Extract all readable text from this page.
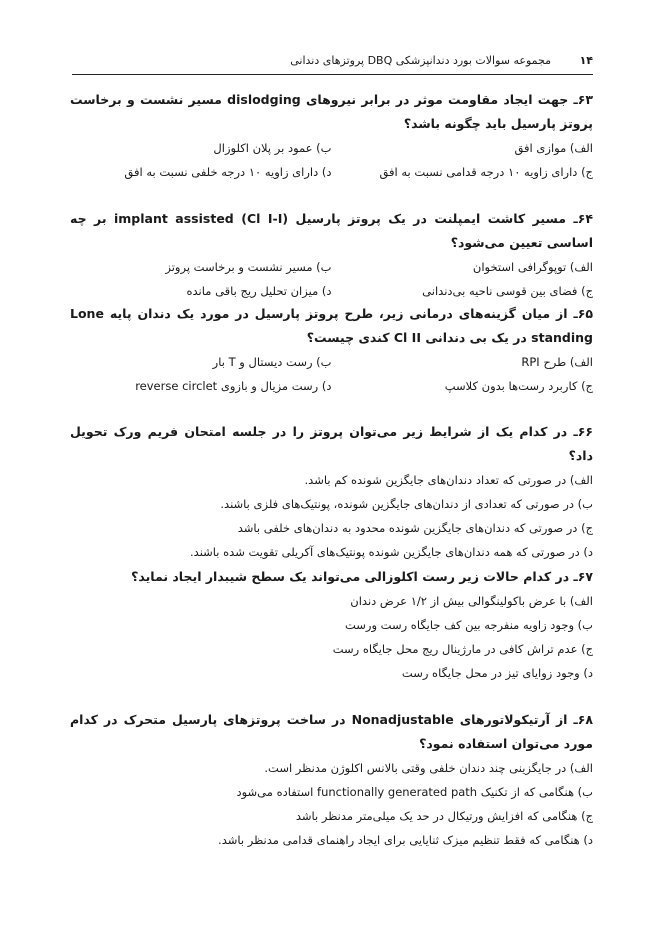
۱۴
مجموعه سوالات بورد دندانپزشکی DBQ پروتزهای دندانی
۶۳ـ جهت ایجاد مقاومت موثر در برابر نیروهای dislodging مسیر نشست و برخاست پروتز پارسیل باید چگونه باشد؟
الف) موازی افق
ب) عمود بر پلان اکلوزال
ج) دارای زاویه ۱۰ درجه قدامی نسبت به افق
د) دارای زاویه ۱۰ درجه خلفی نسبت به افق
۶۴ـ مسیر کاشت ایمپلنت در یک پروتز پارسیل (Cl I-I) implant assisted بر چه اساسی تعیین می‌شود؟
الف) توپوگرافی استخوان
ب) مسیر نشست و برخاست پروتز
ج) فضای بین قوسی ناحیه بی‌دندانی
د) میزان تحلیل ریج باقی مانده
۶۵ـ از میان گزینه‌های درمانی زیر، طرح پروتز پارسیل در مورد یک دندان پایه Lone standing در یک بی دندانی Cl II کندی چیست؟
الف) طرح RPI
ب) رست دیستال و T بار
ج) کاربرد رست‌ها بدون کلاسپ
د) رست مزیال و بازوی reverse circlet
۶۶ـ در کدام یک از شرایط زیر می‌توان پروتز را در جلسه امتحان فریم ورک تحویل داد؟
الف) در صورتی که تعداد دندان‌های جایگزین شونده کم باشد.
ب) در صورتی که تعدادی از دندان‌های جایگزین شونده، پونتیک‌های فلزی باشند.
ج) در صورتی که دندان‌های جایگزین شونده محدود به دندان‌های خلفی باشد
د) در صورتی که همه دندان‌های جایگزین شونده پونتیک‌های آکریلی تقویت شده باشند.
۶۷ـ در کدام حالات زیر رست اکلوزالی می‌تواند یک سطح شیبدار ایجاد نماید؟
الف) با عرض باکولینگوالی بیش از ۱/۲ عرض دندان
ب) وجود زاویه منفرجه بین کف جایگاه رست ورست
ج) عدم تراش کافی در مارژینال ریج محل جایگاه رست
د) وجود زوایای تیز در محل جایگاه رست
۶۸ـ از آرتیکولاتورهای Nonadjustable در ساخت پروتزهای پارسیل متحرک در کدام مورد می‌توان استفاده نمود؟
الف) در جایگزینی چند دندان خلفی وقتی بالانس اکلوژن مدنظر است.
ب) هنگامی که از تکنیک functionally generated path استفاده می‌شود
ج) هنگامی که افزایش ورتیکال در حد یک میلی‌متر مدنظر باشد
د) هنگامی که فقط تنظیم میزک ثنایایی برای ایجاد راهنمای قدامی مدنظر باشد.
